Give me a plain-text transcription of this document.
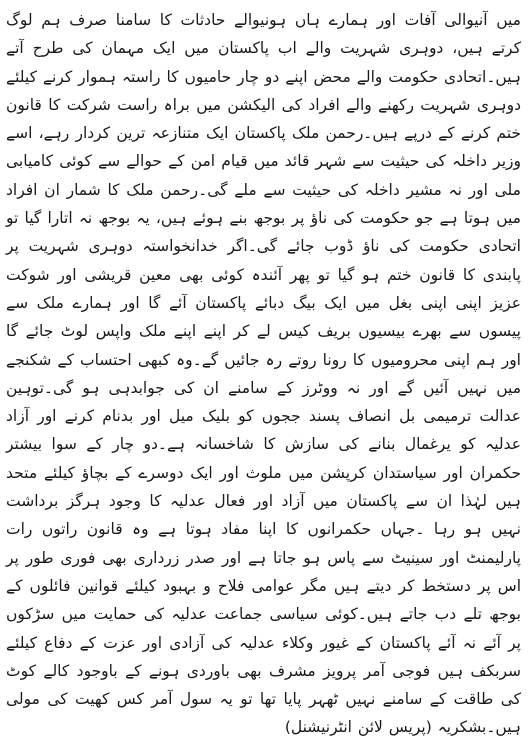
میں آنیوالی آفات اور ہمارے ہاں ہونیوالے حادثات کا سامنا صرف ہم لوگ کرتے ہیں، دوہری شہریت والے اب پاکستان میں ایک مہمان کی طرح آتے ہیں۔اتحادی حکومت والے محض اپنے دو چار حامیوں کا راستہ ہموار کرنے کیلئے دوہری شہریت رکھنے والے افراد کی الیکشن میں براہ راست شرکت کا قانون ختم کرنے کے درپے ہیں۔رحمن ملک پاکستان ایک متنازعہ ترین کردار رہے، اسے وزیر داخلہ کی حیثیت سے شہر قائد میں قیام امن کے حوالے سے کوئی کامیابی ملی اور نہ مشیر داخلہ کی حیثیت سے ملے گی۔رحمن ملک کا شمار ان افراد میں ہوتا ہے جو حکومت کی ناؤ پر بوجھ بنے ہوئے ہیں، یہ بوجھ نہ اتارا گیا تو اتحادی حکومت کی ناؤ ڈوب جائے گی۔اگر خدانخواستہ دوہری شہریت پر پابندی کا قانون ختم ہو گیا تو پھر آئندہ کوئی بھی معین قریشی اور شوکت عزیز اپنی اپنی بغل میں ایک بیگ دبائے پاکستان آئے گا اور ہمارے ملک سے پیسوں سے بھرے بیسیوں بریف کیس لے کر اپنے اپنے ملک واپس لوٹ جائے گا اور ہم اپنی محرومیوں کا رونا روتے رہ جائیں گے۔وہ کبھی احتساب کے شکنجے میں نہیں آئیں گے اور نہ ووٹرز کے سامنے ان کی جوابدہی ہو گی۔توہین عدالت ترمیمی بل انصاف پسند ججوں کو بلیک میل اور بدنام کرنے اور آزاد عدلیہ کو یرغمال بنانے کی سازش کا شاخسانہ ہے۔دو چار کے سوا بیشتر حکمران اور سیاستدان کرپشن میں ملوث اور ایک دوسرے کے بچاؤ کیلئے متحد ہیں لہٰذا ان سے پاکستان میں آزاد اور فعال عدلیہ کا وجود ہرگز برداشت نہیں ہو رہا ۔جہاں حکمرانوں کا اپنا مفاد ہوتا ہے وہ قانون راتوں رات پارلیمنٹ اور سینیٹ سے پاس ہو جاتا ہے اور صدر زرداری بھی فوری طور پر اس پر دستخط کر دیتے ہیں مگر عوامی فلاح و بہبود کیلئے قوانین فائلوں کے بوجھ تلے دب جاتے ہیں۔کوئی سیاسی جماعت عدلیہ کی حمایت میں سڑکوں پر آئے نہ آئے پاکستان کے غیور وکلاء عدلیہ کی آزادی اور عزت کے دفاع کیلئے سربکف ہیں فوجی آمر پرویز مشرف بھی باوردی ہونے کے باوجود کالے کوٹ کی طاقت کے سامنے نہیں ٹھہر پایا تھا تو یہ سول آمر کس کھیت کی مولی ہیں۔بشکریہ (پریس لائن انٹرنیشنل)
